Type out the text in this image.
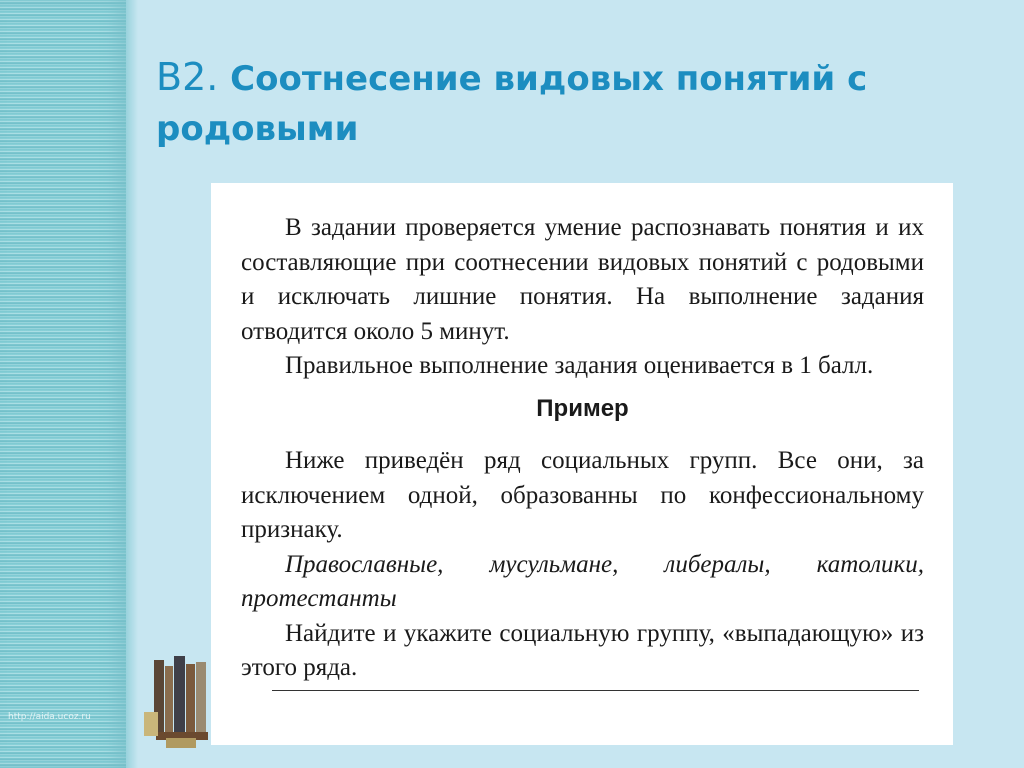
В2. Соотнесение видовых понятий с родовыми

В задании проверяется умение распознавать понятия и их составляющие при соотнесении видовых понятий с родовыми и исключать лишние понятия. На выполнение задания отводится около 5 минут.

Правильное выполнение задания оценивается в 1 балл.

Пример

Ниже приведён ряд социальных групп. Все они, за исключением одной, образованны по конфессиональному признаку.

Православные, мусульмане, либералы, католики, протестанты

Найдите и укажите социальную группу, «выпадающую» из этого ряда.

http://aida.ucoz.ru
